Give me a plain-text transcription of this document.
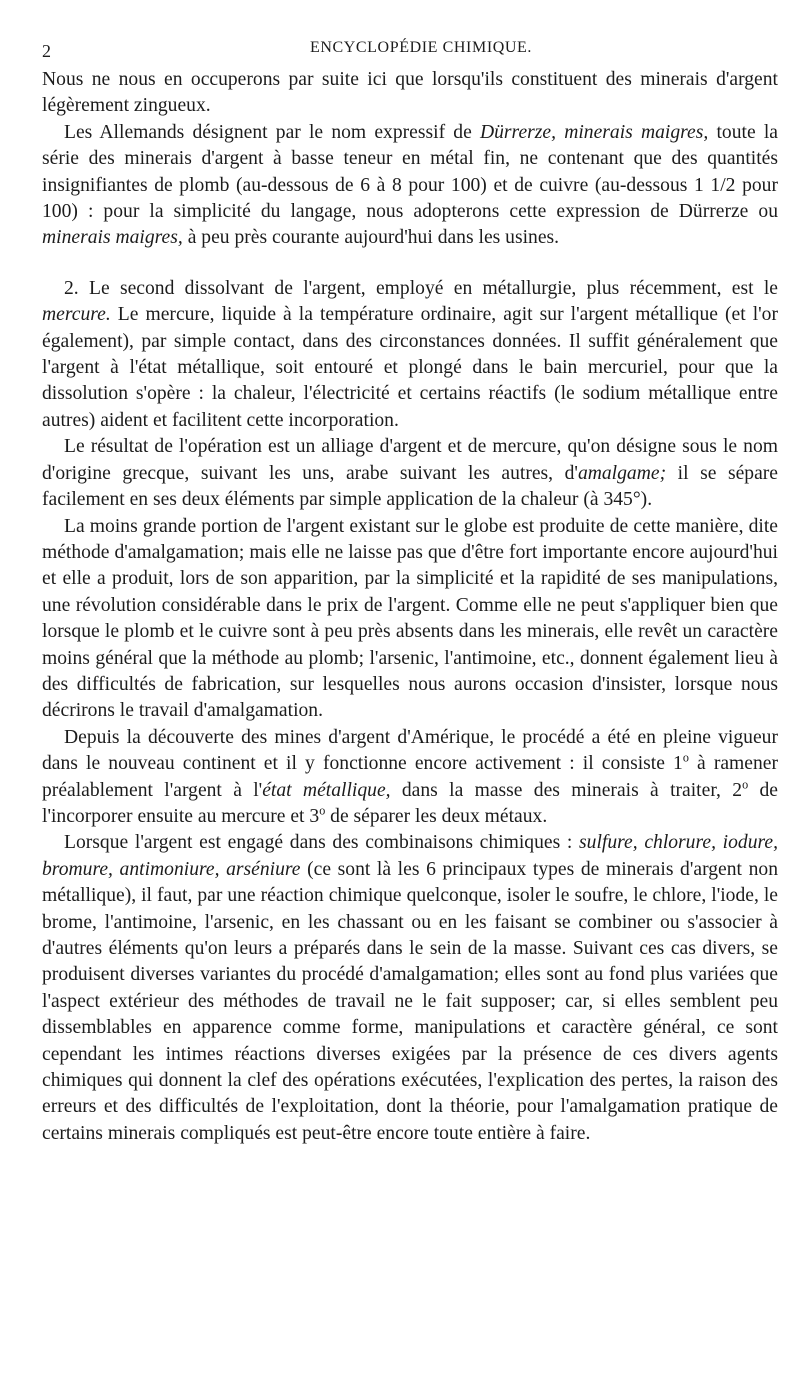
2	ENCYCLOPÉDIE CHIMIQUE.

Nous ne nous en occuperons par suite ici que lorsqu'ils constituent des minerais d'argent légèrement zingueux.

Les Allemands désignent par le nom expressif de Dürrerze, minerais maigres, toute la série des minerais d'argent à basse teneur en métal fin, ne contenant que des quantités insignifiantes de plomb (au-dessous de 6 à 8 pour 100) et de cuivre (au-dessous 1 1/2 pour 100) : pour la simplicité du langage, nous adopterons cette expression de Dürrerze ou minerais maigres, à peu près courante aujourd'hui dans les usines.

2. Le second dissolvant de l'argent, employé en métallurgie, plus récemment, est le mercure. Le mercure, liquide à la température ordinaire, agit sur l'argent métallique (et l'or également), par simple contact, dans des circonstances données. Il suffit généralement que l'argent à l'état métallique, soit entouré et plongé dans le bain mercuriel, pour que la dissolution s'opère : la chaleur, l'électricité et certains réactifs (le sodium métallique entre autres) aident et facilitent cette incorporation.

Le résultat de l'opération est un alliage d'argent et de mercure, qu'on désigne sous le nom d'origine grecque, suivant les uns, arabe suivant les autres, d'amalgame; il se sépare facilement en ses deux éléments par simple application de la chaleur (à 345°).

La moins grande portion de l'argent existant sur le globe est produite de cette manière, dite méthode d'amalgamation; mais elle ne laisse pas que d'être fort importante encore aujourd'hui et elle a produit, lors de son apparition, par la simplicité et la rapidité de ses manipulations, une révolution considérable dans le prix de l'argent. Comme elle ne peut s'appliquer bien que lorsque le plomb et le cuivre sont à peu près absents dans les minerais, elle revêt un caractère moins général que la méthode au plomb; l'arsenic, l'antimoine, etc., donnent également lieu à des difficultés de fabrication, sur lesquelles nous aurons occasion d'insister, lorsque nous décrirons le travail d'amalgamation.

Depuis la découverte des mines d'argent d'Amérique, le procédé a été en pleine vigueur dans le nouveau continent et il y fonctionne encore activement : il consiste 1$^o$ à ramener préalablement l'argent à l'état métallique, dans la masse des minerais à traiter, 2$^o$ de l'incorporer ensuite au mercure et 3$^o$ de séparer les deux métaux.

Lorsque l'argent est engagé dans des combinaisons chimiques : sulfure, chlorure, iodure, bromure, antimoniure, arséniure (ce sont là les 6 principaux types de minerais d'argent non métallique), il faut, par une réaction chimique quelconque, isoler le soufre, le chlore, l'iode, le brome, l'antimoine, l'arsenic, en les chassant ou en les faisant se combiner ou s'associer à d'autres éléments qu'on leurs a préparés dans le sein de la masse. Suivant ces cas divers, se produisent diverses variantes du procédé d'amalgamation; elles sont au fond plus variées que l'aspect extérieur des méthodes de travail ne le fait supposer; car, si elles semblent peu dissemblables en apparence comme forme, manipulations et caractère général, ce sont cependant les intimes réactions diverses exigées par la présence de ces divers agents chimiques qui donnent la clef des opérations exécutées, l'explication des pertes, la raison des erreurs et des difficultés de l'exploitation, dont la théorie, pour l'amalgamation pratique de certains minerais compliqués est peut-être encore toute entière à faire.
